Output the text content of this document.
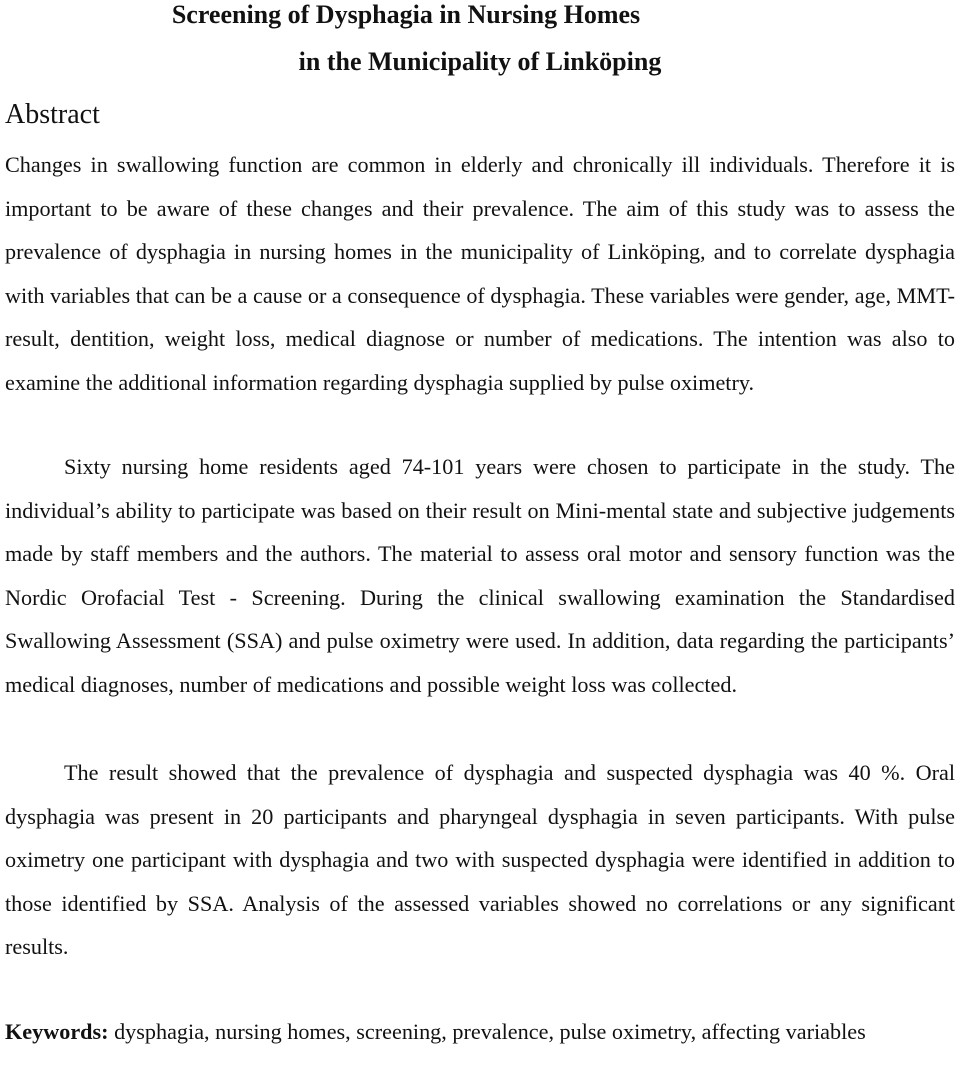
Screening of Dysphagia in Nursing Homes
in the Municipality of Linköping
Abstract

Changes in swallowing function are common in elderly and chronically ill individuals. Therefore it is important to be aware of these changes and their prevalence. The aim of this study was to assess the prevalence of dysphagia in nursing homes in the municipality of Linköping, and to correlate dysphagia with variables that can be a cause or a consequence of dysphagia. These variables were gender, age, MMT-result, dentition, weight loss, medical diagnose or number of medications. The intention was also to examine the additional information regarding dysphagia supplied by pulse oximetry.

Sixty nursing home residents aged 74-101 years were chosen to participate in the study. The individual’s ability to participate was based on their result on Mini-mental state and subjective judgements made by staff members and the authors. The material to assess oral motor and sensory function was the Nordic Orofacial Test - Screening. During the clinical swallowing examination the Standardised Swallowing Assessment (SSA) and pulse oximetry were used. In addition, data regarding the participants’ medical diagnoses, number of medications and possible weight loss was collected.

The result showed that the prevalence of dysphagia and suspected dysphagia was 40 %. Oral dysphagia was present in 20 participants and pharyngeal dysphagia in seven participants. With pulse oximetry one participant with dysphagia and two with suspected dysphagia were identified in addition to those identified by SSA. Analysis of the assessed variables showed no correlations or any significant results.

Keywords: dysphagia, nursing homes, screening, prevalence, pulse oximetry, affecting variables
